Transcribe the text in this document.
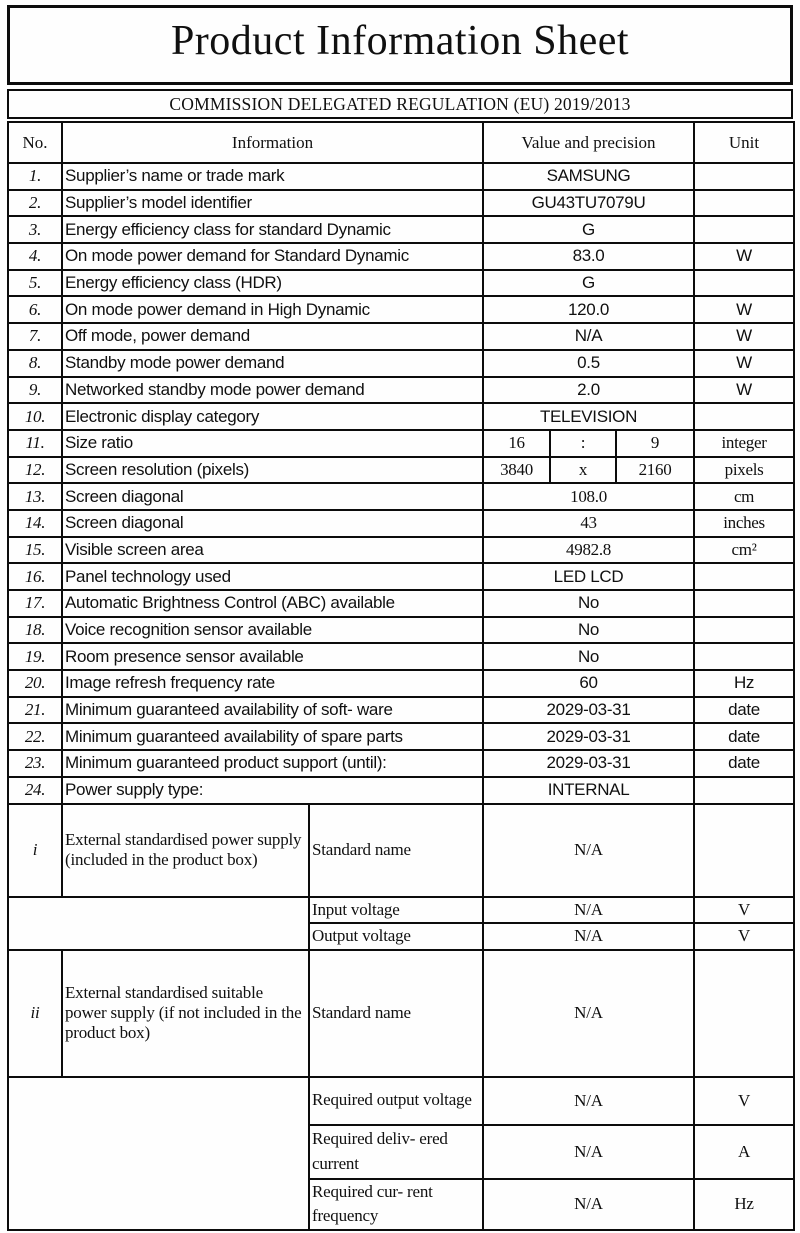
Product Information Sheet
COMMISSION DELEGATED REGULATION (EU) 2019/2013
No.	Information		Value and precision			Unit
1.	Supplier’s name or trade mark		SAMSUNG			
2.	Supplier’s model identifier		GU43TU7079U			
3.	Energy efficiency class for standard Dynamic		G			
4.	On mode power demand for Standard Dynamic		83.0			W
5.	Energy efficiency class (HDR)		G			
6.	On mode power demand in High Dynamic		120.0			W
7.	Off mode, power demand		N/A			W
8.	Standby mode power demand		0.5			W
9.	Networked standby mode power demand		2.0			W
10.	Electronic display category		TELEVISION			
11.	Size ratio		16	:	9	integer
12.	Screen resolution (pixels)		3840	x	2160	pixels
13.	Screen diagonal		108.0			cm
14.	Screen diagonal		43			inches
15.	Visible screen area		4982.8			cm²
16.	Panel technology used		LED LCD			
17.	Automatic Brightness Control (ABC) available		No			
18.	Voice recognition sensor available		No			
19.	Room presence sensor available		No			
20.	Image refresh frequency rate		60			Hz
21.	Minimum guaranteed availability of soft- ware		2029-03-31			date
22.	Minimum guaranteed availability of spare parts		2029-03-31			date
23.	Minimum guaranteed product support (until):		2029-03-31			date
24.	Power supply type:		INTERNAL			
i	External standardised power supply (included in the product box)	Standard name	N/A			
		Input voltage	N/A			V
		Output voltage	N/A			V
ii	External standardised suitable power supply (if not included in the product box)	Standard name	N/A			
		Required output voltage	N/A			V
		Required deliv- ered current	N/A			A
		Required cur- rent frequency	N/A			Hz
